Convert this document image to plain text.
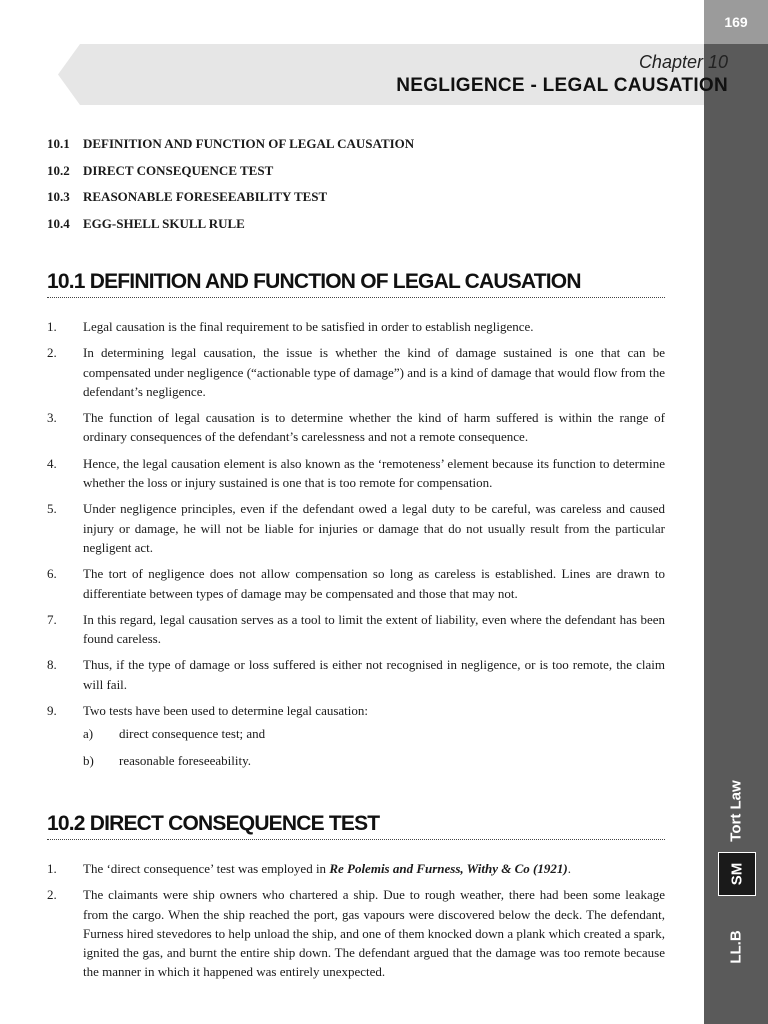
169
Tort Law
SM
LL.B
Chapter 10
NEGLIGENCE - LEGAL CAUSATION
10.1	DEFINITION AND FUNCTION OF LEGAL CAUSATION
10.2	DIRECT CONSEQUENCE TEST
10.3	REASONABLE FORESEEABILITY TEST
10.4	EGG-SHELL SKULL RULE
10.1 DEFINITION AND FUNCTION OF LEGAL CAUSATION
1.	Legal causation is the final requirement to be satisfied in order to establish negligence.
2.	In determining legal causation, the issue is whether the kind of damage sustained is one that can be compensated under negligence (“actionable type of damage”) and is a kind of damage that would flow from the defendant’s negligence.
3.	The function of legal causation is to determine whether the kind of harm suffered is within the range of ordinary consequences of the defendant’s carelessness and not a remote consequence.
4.	Hence, the legal causation element is also known as the ‘remoteness’ element because its function to determine whether the loss or injury sustained is one that is too remote for compensation.
5.	Under negligence principles, even if the defendant owed a legal duty to be careful, was careless and caused injury or damage, he will not be liable for injuries or damage that do not usually result from the particular negligent act.
6.	The tort of negligence does not allow compensation so long as careless is established. Lines are drawn to differentiate between types of damage may be compensated and those that may not.
7.	In this regard, legal causation serves as a tool to limit the extent of liability, even where the defendant has been found careless.
8.	Thus, if the type of damage or loss suffered is either not recognised in negligence, or is too remote, the claim will fail.
9.	Two tests have been used to determine legal causation:
a)	direct consequence test; and
b)	reasonable foreseeability.
10.2 DIRECT CONSEQUENCE TEST
1.	The ‘direct consequence’ test was employed in Re Polemis and Furness, Withy & Co (1921).
2.	The claimants were ship owners who chartered a ship. Due to rough weather, there had been some leakage from the cargo. When the ship reached the port, gas vapours were discovered below the deck. The defendant, Furness hired stevedores to help unload the ship, and one of them knocked down a plank which created a spark, ignited the gas, and burnt the entire ship down. The defendant argued that the damage was too remote because the manner in which it happened was entirely unexpected.
